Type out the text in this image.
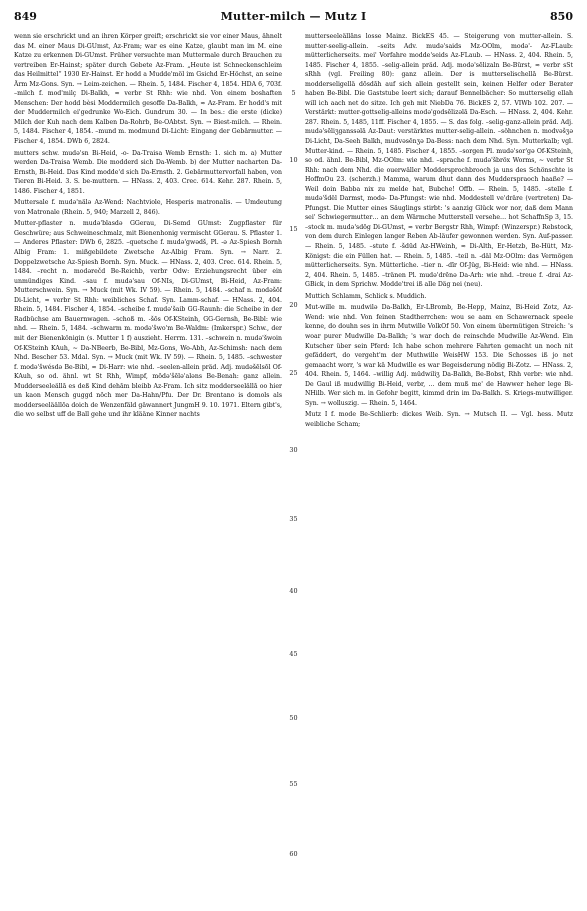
849	Mutter-milch — Mutz I	850

wenn sie erschrickt und an ihren Körper greift; erschrickt sie vor einer Maus, ähnelt das M. einer Maus Di-GUmst, Az-Fram; war es eine Katze, glaubt man im M. eine Katze zu erkennen Di-GUmst. Früher versuchte man Muttermale durch Brauchen zu vertreiben Er-Hainst; später durch Gebete Az-Fram. „Heute ist Schneckenschleim das Heilmittel“ 1930 Er-Hainst. Er hodd a Mudde'möl im Gsichd Er-Höchst, an seine Ärm Mz-Gons. Syn. → Leim-zeichen. — Rhein. 5, 1484. Fischer 4, 1854. HDA 6, 703f. –milch f. mod'milç Di-Balkh, ≈ verbr St Rhh: wie nhd. Von einem boshaften Menschen: Der hodd bèsi Moddermilch gesoffe Da-Balkh, ≈ Az-Fram. Er hodd's mit der Muddermilch ei'gedrunke Wo-Eich. Gundrum 30. — In bes.: die erste (dicke) Milch der Kuh nach dem Kalben Da-Rohrb, Be-OAbtst. Syn. → Biest-milch. — Rhein. 5, 1484. Fischer 4, 1854. –mund m. modmund Di-Licht: Eingang der Gebärmutter. — Fischer 4, 1854. DWb 6, 2824.

mutters schw. mudə'sn Bi-Heid, -o- Da-Traisa Wemb Ernsth: 1. sich m. a) Mutter werden Da-Traisa Wemb. Die modderd sich Da-Wemb. b) der Mutter nacharten Da-Ernsth, Bi-Heid. Das Kind modde'd sich Da-Ernsth. 2. Gebärmuttervorfall haben, von Tieren Bi-Heid. 3. S. be-muttern. — HNass. 2, 403. Crec. 614. Kehr. 287. Rhein. 5, 1486. Fischer 4, 1851.

Muttersale f. mudə'nälə Az-Wend: Nachtviole, Hesperis matronalis. — Umdeutung von Matronale (Rhein. 5, 940; Marzell 2, 846).

Mutter-pflaster n. mudə'blasdə GGerau, Di-Semd GUmst: Zugpflaster für Geschwüre; aus Schweineschmalz, mit Bienenhonig vermischt GGerau. S. Pflaster 1. — Anderes Pflaster: DWb 6, 2825. –quetsche f. mudə'gwədš, Pl. -ə Az-Spiesh Bornh Albig Fram: 1. mißgebildete Zwetsche Az-Albig Fram. Syn. → Narr. 2. Doppelzwetsche Az-Spiesh Bornh. Syn. Muck. — HNass. 2, 403. Crec. 614. Rhein. 5, 1484. –recht n. modərečd Be-Reichb, verbr Odw: Erziehungsrecht über ein unmündiges Kind. –sau f. mudə'sau Of-NIs, Di-GUmst, Bi-Heid, Az-Fram: Mutterschwein. Syn. → Muck (mit Wk. IV 59). — Rhein. 5, 1484. –schaf n. modəšōf Di-Licht, ≈ verbr St Rhh: weibliches Schaf. Syn. Lamm-schaf. — HNass. 2, 404. Rhein. 5, 1484. Fischer 4, 1854. –scheibe f. mudə'šaib GG-Raunh: die Scheibe in der Radbüchse am Bauernwagen. –schoß m. -šōs Of-KSteinh, GG-Gernsh, Be-Bibl: wie nhd. — Rhein. 5, 1484. –schwarm m. modə'šwo'm Be-Waldm: (Imkerspr.) Schw., der mit der Bienenkönigin (s. Mutter 1 f) auszieht. Herrm. 131. –schwein n. mudə'šwoin Of-KSteinh KAuh, ~ Da-NBeerb, Be-Bibl, Mz-Gons, Wo-Abh, Az-Schimsh: nach dem Nhd. Bescher 53. Mdal. Syn. → Muck (mit Wk. IV 59). — Rhein. 5, 1485. –schwester f. modə'šwésdə Be-Bibl, ≈ Di-Harr: wie nhd. –seelen-allein präd. Adj. mudəšēlsōl Of-KAuh, so od. ähnl. wt St Rhh, Wimpf, mōdə'šēlə'aləns Be-Benah: ganz allein. Mudderseeleällā es deß Kind dehām bleibb Az-Fram. Ich sitz modderseelällā oo hier un kaon Mensch guggd nōch mer Da-Hahn/Pfu. Der Dr. Brentano is domols als modderseeläällōa doich de Wenzenfäld gäwannert JungmH 9. 10. 1971. Eltern gibt's, die wo selbst uff de Ball gehe und ihr klääne Kinner nachts

5
10
15
20
25
30
35
40
45
50
55
60

mutterseeleällāns losse Mainz. BickES 45. — Steigerung von mutter-allein. S. mutter-seelig-allein. –seits Adv. mudə'saids Mz-OOlm, modə'- Az-FLaub: mütterlicherseits. mei' Vorfahre modde'seids Az-FLaub. — HNass. 2, 404. Rhein. 5, 1485. Fischer 4, 1855. –selig-allein präd. Adj. modə'sēlizaln Be-Bürst, ≈ verbr sSt sRhh (vgl. Freiling 80): ganz allein. Der is mutterselischellā Be-Bürst. modderseligellä dōsdāh auf sich allein gestellt sein, keinen Helfer oder Berater haben Be-Bibl. Die Gaststube leert sich; darauf Bennelbächer: So mutterselig ellah will ich aach net do sitze. Ich geh mit NiebDa 76. BickES 2, 57. VIWb 102. 207. — Verstärkt: mutter-gottselig-alleins modə'godsēlizəlā Da-Esch. — HNass. 2, 404. Kehr. 287. Rhein. 5, 1485, 11ff. Fischer 4, 1855. — S. das folg. –selig-ganz-allein präd. Adj. mudə'sēliʒganssəlā Az-Daut: verstärktes mutter-selig-allein. –söhnchen n. modvəšʒə Di-Licht, Da-Seeh Balkh, mudvəsēnʒə Da-Bess: nach dem Nhd. Syn. Mutterkalb; vgl. Mutter-kind. — Rhein. 5, 1485. Fischer 4, 1855. –sorgen Pl. mudə'sor'gə Of-KSteinh, so od. ähnl. Be-Bibl, Mz-OOlm: wie nhd. –sprache f. mudə'šbröx Worms, ~ verbr St Rhh: nach dem Nhd. die ouerwäller Moddersprochbrooch ja uns des Schönschte is HoffmOu 23. (scherzh.) Mamma, warum dhut dann des Mudderspraoch haaße? — Weil doin Babba nix zu melde hat, Bubche! Offb. — Rhein. 5, 1485. –stelle f. mudə'šdël Darmst, modə- Da-Pfungst: wie nhd. Moddestell ve'dräre (vertreten) Da-Pfungst. Die Mutter eines Säuglings stirbt: 's aanzig Glück wor nor, daß dem Mann sei' Schwiegermutter… an dem Wärmche Mutterstell versehe… hot SchaffnSp 3, 15. –stock m. mudə'sdōg Di-GUmst, ≈ verbr Bergstr Rhh, Wimpf: (Winzerspr.) Rebstock, von dem durch Einlegen langer Reben Ab-läufer gewonnen werden. Syn. Auf-passer. — Rhein. 5, 1485. –stute f. -šdūd Az-HWeinh, ≈ Di-Alth, Er-Hetzb, Be-Hütt, Mz-Königst: die ein Füllen hat. — Rhein. 5, 1485. –teil n. -däl Mz-OOlm: das Vermögen mütterlicherseits. Syn. Mütterliche. –tier n. -dīr Of-Jüg, Bi-Heid: wie nhd. — HNass. 2, 404. Rhein. 5, 1485. –tränen Pl. mudə'drēnə Da-Arh: wie nhd. –treue f. -drai Az-GBick, in dem Sprichw. Modde'trei iß alle Däg nei (neu).

Muttich Schlamm, Schlick s. Muddich.

Mut-wille m. mudwilə Da-Balkh, Er-LBromb, Be-Hepp, Mainz, Bi-Heid Zotz, Az-Wend: wie nhd. Von feinen Stadtherrchen: wou se aam en Schawernack speele kenne, do douhn ses in ihrm Mutwille VolkOf 50. Von einem übermütigen Streich: 's woar purer Mudwille Da-Balkh; 's war doch de reinschde Mudwille Az-Wend. Ein Kutscher über sein Pferd: Ich habe schon mehrere Fahrten gemacht un noch nit gefäddert, do vergeht'm der Muthwille WeisHW 153. Die Schosses iß jo net gemaacht worr, 's war kä Mudwille es war Begeisderung nödig Bi-Zotz. — HNass. 2, 404. Rhein. 5, 1464. –willig Adj. mūdwiliʒ Da-Balkh, Be-Bobst, Rhh verbr: wie nhd. De Gaul iß mudwillig Bi-Heid, verbr, … dem muß me' de Hawwer heher lege Bi-NHilb. Wer sich m. in Gefohr begitt, kimmd drin im Da-Balkh. S. Kriegs-mutwilliger. Syn. → wolluszig. — Rhein. 5, 1464.

Mutz I f. mode Be-Schlierb: dickes Weib. Syn. → Mutsch II. — Vgl. hess. Mutz weibliche Scham;
